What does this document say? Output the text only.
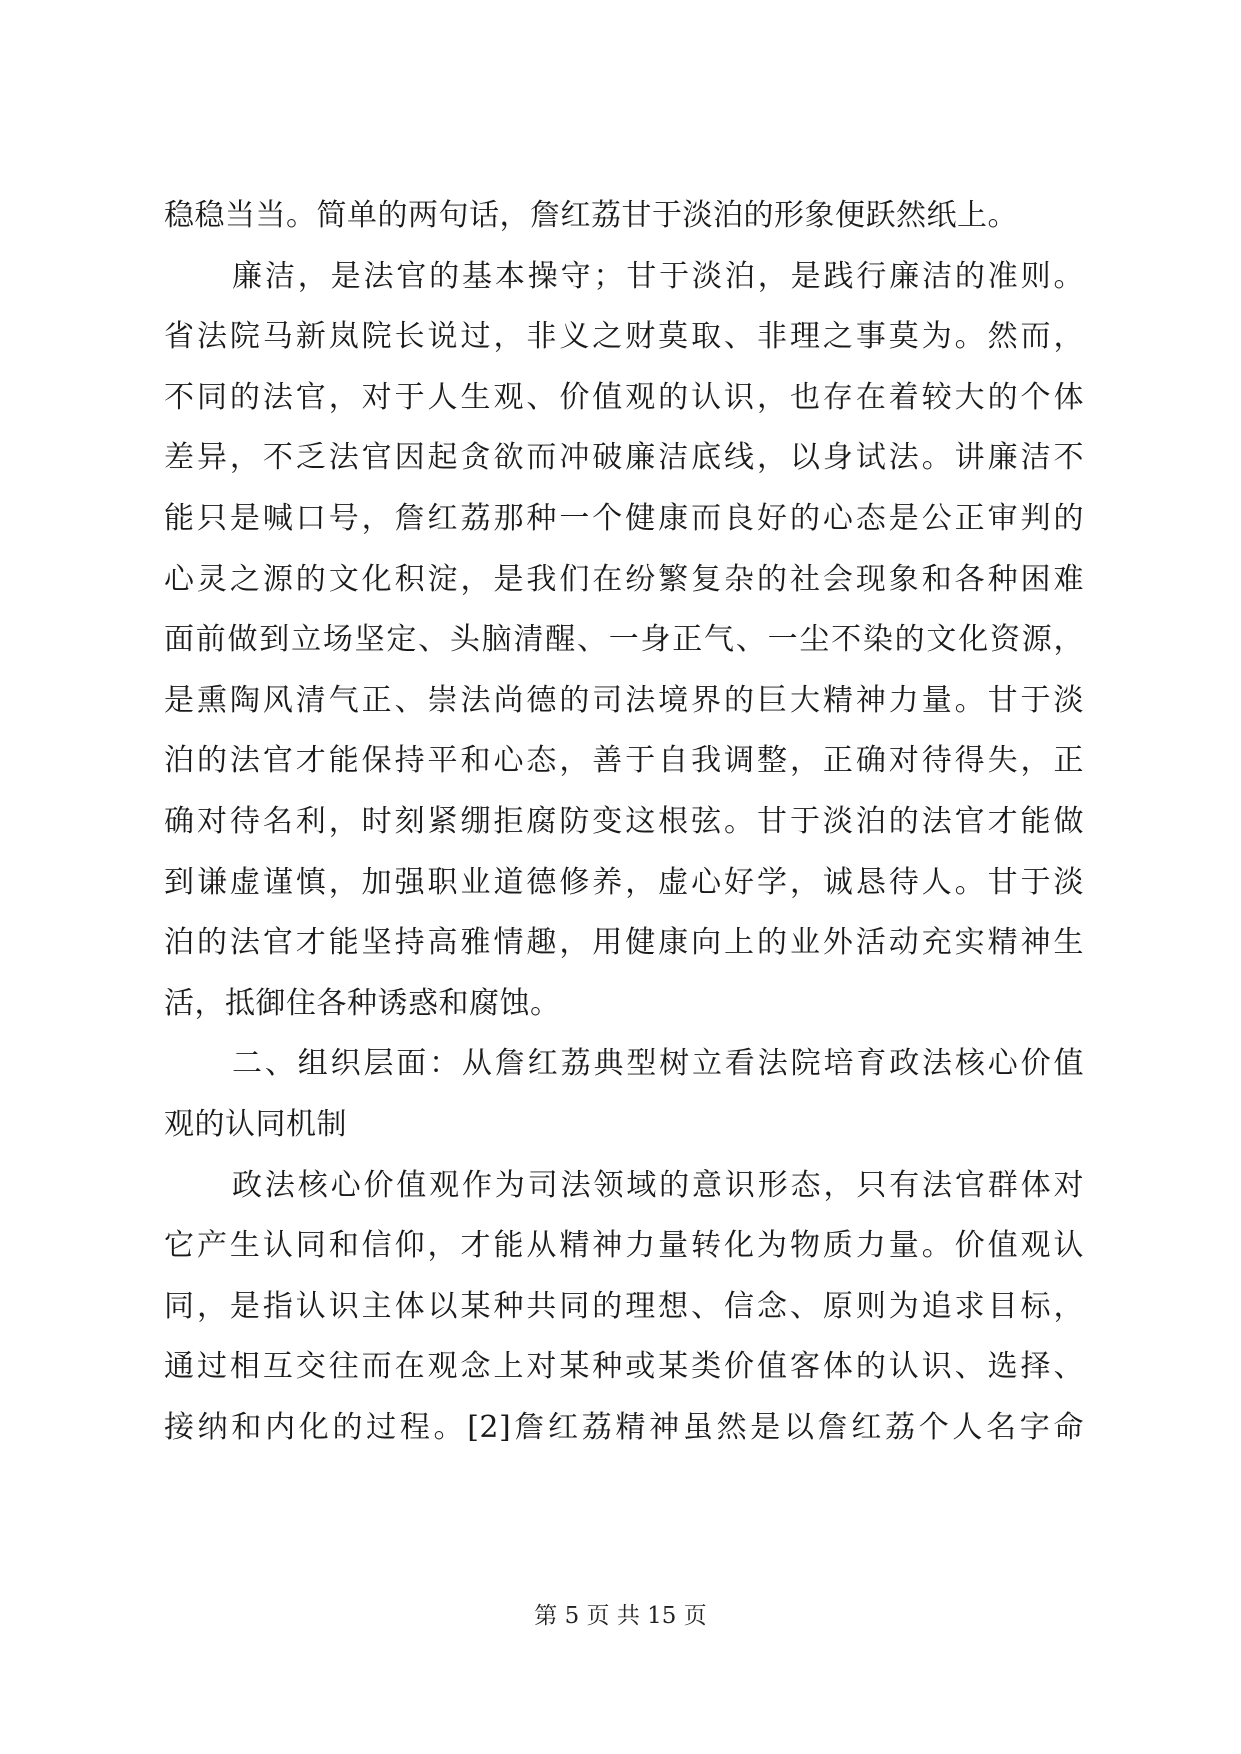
稳稳当当。简单的两句话，詹红荔甘于淡泊的形象便跃然纸上。
廉洁，是法官的基本操守；甘于淡泊，是践行廉洁的准则。
省法院马新岚院长说过，非义之财莫取、非理之事莫为。然而，
不同的法官，对于人生观、价值观的认识，也存在着较大的个体
差异，不乏法官因起贪欲而冲破廉洁底线，以身试法。讲廉洁不
能只是喊口号，詹红荔那种一个健康而良好的心态是公正审判的
心灵之源的文化积淀，是我们在纷繁复杂的社会现象和各种困难
面前做到立场坚定、头脑清醒、一身正气、一尘不染的文化资源，
是熏陶风清气正、崇法尚德的司法境界的巨大精神力量。甘于淡
泊的法官才能保持平和心态，善于自我调整，正确对待得失，正
确对待名利，时刻紧绷拒腐防变这根弦。甘于淡泊的法官才能做
到谦虚谨慎，加强职业道德修养，虚心好学，诚恳待人。甘于淡
泊的法官才能坚持高雅情趣，用健康向上的业外活动充实精神生
活，抵御住各种诱惑和腐蚀。
二、组织层面：从詹红荔典型树立看法院培育政法核心价值
观的认同机制
政法核心价值观作为司法领域的意识形态，只有法官群体对
它产生认同和信仰，才能从精神力量转化为物质力量。价值观认
同，是指认识主体以某种共同的理想、信念、原则为追求目标，
通过相互交往而在观念上对某种或某类价值客体的认识、选择、
接纳和内化的过程。[2]詹红荔精神虽然是以詹红荔个人名字命
第 5 页 共 15 页
